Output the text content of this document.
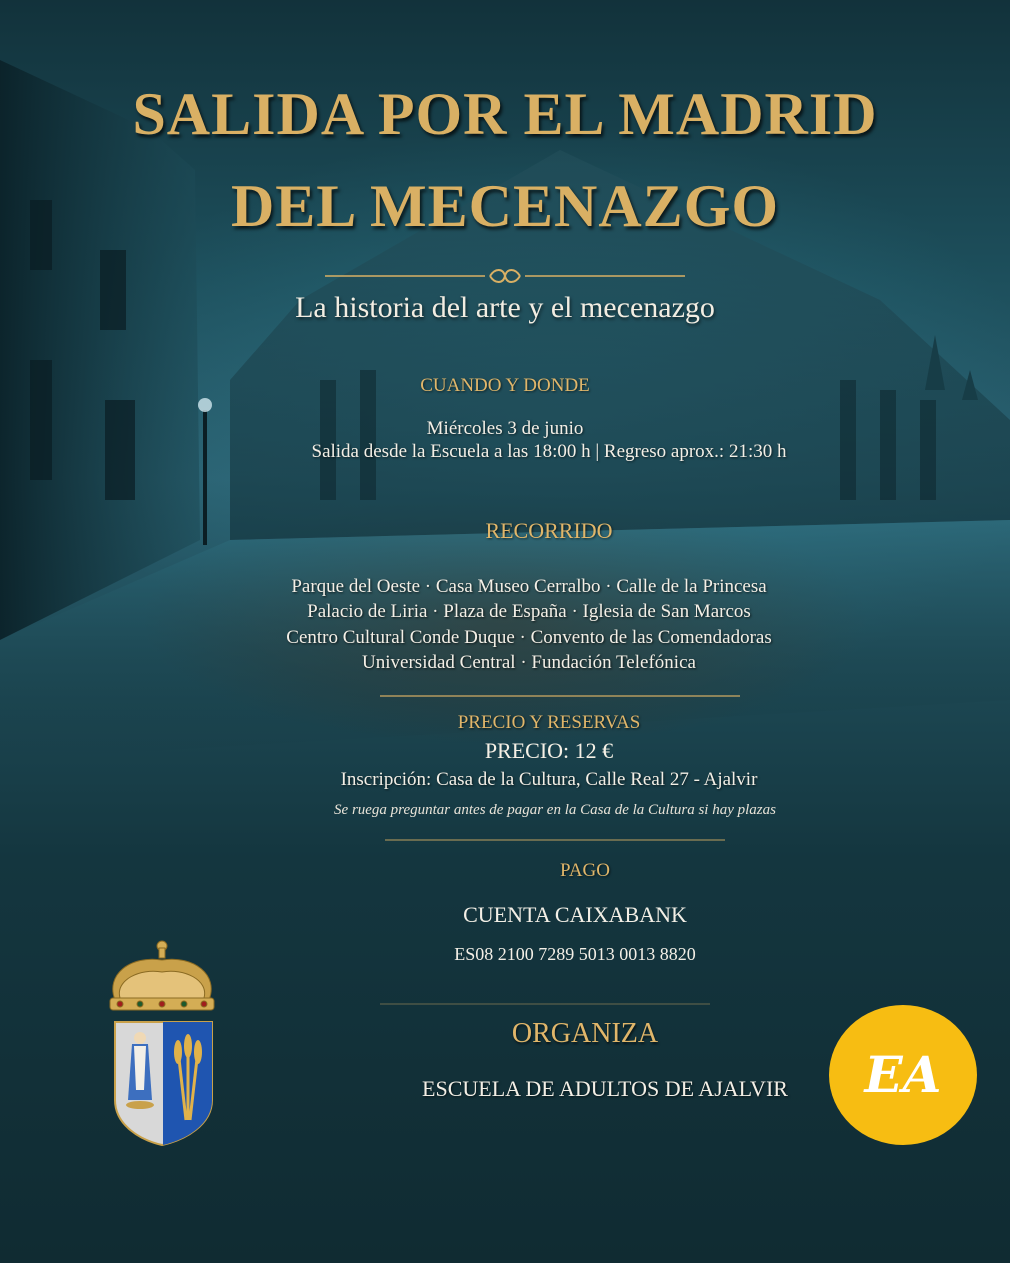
SALIDA POR EL MADRID
DEL MECENAZGO
La historia del arte y el mecenazgo
CUANDO Y DONDE
Miércoles 3 de junio
Salida desde la Escuela a las 18:00 h | Regreso aprox.: 21:30 h
RECORRIDO
Parque del Oeste · Casa Museo Cerralbo · Calle de la Princesa
Palacio de Liria · Plaza de España · Iglesia de San Marcos
Centro Cultural Conde Duque · Convento de las Comendadoras
Universidad Central · Fundación Telefónica
PRECIO Y RESERVAS
PRECIO: 12 €
Inscripción: Casa de la Cultura, Calle Real 27 - Ajalvir
Se ruega preguntar antes de pagar en la Casa de la Cultura si hay plazas
PAGO
CUENTA CAIXABANK
ES08 2100 7289 5013 0013 8820
ORGANIZA
ESCUELA DE ADULTOS DE AJALVIR	EA
